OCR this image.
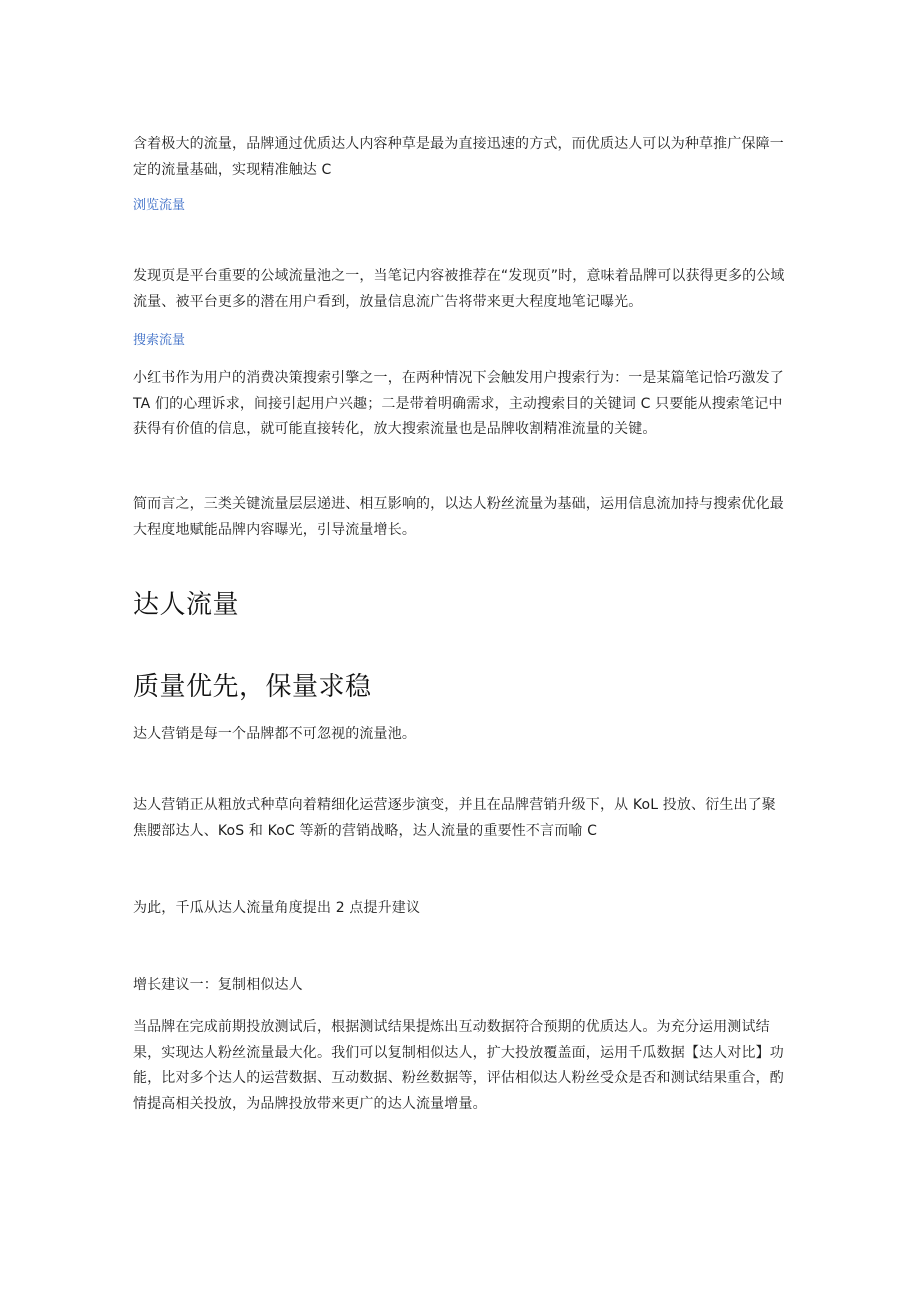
含着极大的流量，品牌通过优质达人内容种草是最为直接迅速的方式，而优质达人可以为种草推广保障一定的流量基础，实现精准触达 C

浏览流量

发现页是平台重要的公域流量池之一，当笔记内容被推荐在“发现页”时，意味着品牌可以获得更多的公域流量、被平台更多的潜在用户看到，放量信息流广告将带来更大程度地笔记曝光。

搜索流量

小红书作为用户的消费决策搜索引擎之一，在两种情况下会触发用户搜索行为：一是某篇笔记恰巧激发了 TA 们的心理诉求，间接引起用户兴趣；二是带着明确需求，主动搜索目的关键词 C 只要能从搜索笔记中获得有价值的信息，就可能直接转化，放大搜索流量也是品牌收割精准流量的关键。

简而言之，三类关键流量层层递进、相互影响的，以达人粉丝流量为基础，运用信息流加持与搜索优化最大程度地赋能品牌内容曝光，引导流量增长。

达人流量
质量优先，保量求稳

达人营销是每一个品牌都不可忽视的流量池。

达人营销正从粗放式种草向着精细化运营逐步演变，并且在品牌营销升级下，从 KoL 投放、衍生出了聚焦腰部达人、KoS 和 KoC 等新的营销战略，达人流量的重要性不言而喻 C

为此，千瓜从达人流量角度提出 2 点提升建议

增长建议一：复制相似达人

当品牌在完成前期投放测试后，根据测试结果提炼出互动数据符合预期的优质达人。为充分运用测试结果，实现达人粉丝流量最大化。我们可以复制相似达人，扩大投放覆盖面，运用千瓜数据【达人对比】功能，比对多个达人的运营数据、互动数据、粉丝数据等，评估相似达人粉丝受众是否和测试结果重合，酌情提高相关投放，为品牌投放带来更广的达人流量增量。
